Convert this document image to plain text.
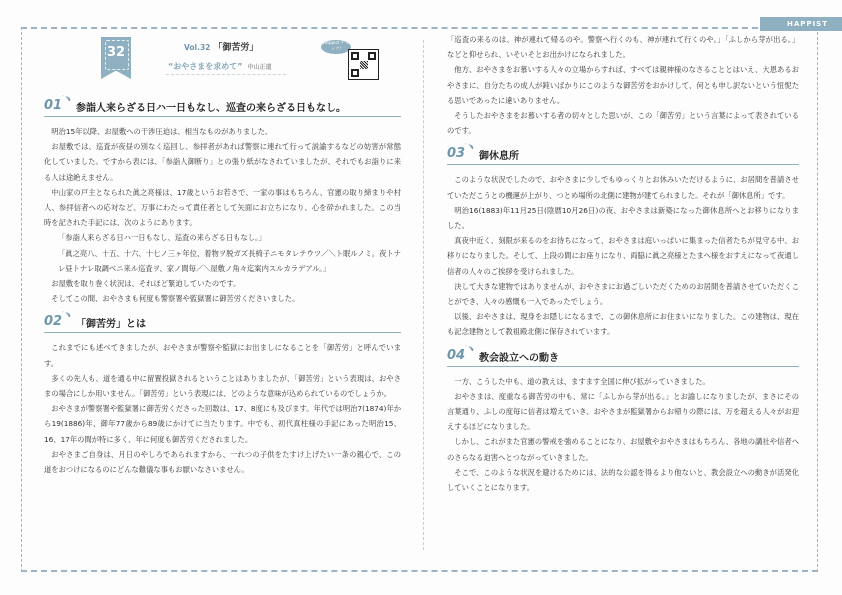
HAPPIST
32	Vol.32 「御苦労」
“おやさまを求めて” 中山正道
Happist チェック!
01
˙﹅
参詣人来らざる日ハ一日もなし、巡査の来らざる日もなし。

明治15年以降、お屋敷への干渉圧迫は、相当なものがありました。

お屋敷では、巡査が夜昼の別なく巡回し、参拝者があれば警察に連れて行って説諭するなどの妨害が常態化していました。ですから表には、「参詣人御断り」との張り紙がなされていましたが、それでもお詣りに来る人は途絶えません。

中山家の戸主となられた眞之亮様は、17歳というお若さで、一家の事はもちろん、官憲の取り締まりや村人、参拝信者への応対など、万事にわたって責任者として矢面にお立ちになり、心を砕かれました。この当時を記された手記には、次のようにあります。

「参詣人来らざる日ハ一日もなし、巡査の来らざる日もなし。」

「眞之亮八、十五、十六、十七ノ三ヶ年位、着物ヲ脱ガズ長椅子ニモタレテウツ／＼ト眠ルノミ。夜トナレ昼トナレ取調べニ来ル巡査ヲ、家ノ間毎／＼屋敷ノ角々迄案内スルカラデアル。」

お屋敷を取り巻く状況は、それほど緊迫していたのです。

そしてこの間、おやさまも何度も警察署や監獄署に御苦労くださいました。

02
˙﹅
「御苦労」とは

これまでにも述べてきましたが、おやさまが警察や監獄にお出ましになることを「御苦労」と呼んでいます。

多くの先人も、道を通る中に留置投獄されるということはありましたが、「御苦労」という表現は、おやさまの場合にしか用いません。「御苦労」という表現には、どのような意味が込められているのでしょうか。

おやさまが警察署や監獄署に御苦労くださった回数は、17、8度にも及びます。年代では明治7(1874)年から19(1886)年、御年77歳から89歳にかけてに当たります。中でも、初代真柱様の手記にあった明治15、16、17年の間が特に多く、年に何度も御苦労くだされました。

おやさまご自身は、月日のやしろであられますから、一れつの子供をたすけ上げたい一条の親心で、この道をおつけになるのにどんな難儀な事もお厭いなさいません。

「巡査の来るのは、神が連れて帰るのや。警察へ行くのも、神が連れて行くのや。」「ふしから芽が出る。」などと仰せられ、いそいそとお出かけになられました。

他方、おやさまをお慕いする人々の立場からすれば、すべては親神様のなさることとはいえ、大恩あるおやさまに、自分たちの成人が鈍いばかりにこのような御苦労をおかけして、何とも申し訳ないという忸怩たる思いであったに違いありません。

そうしたおやさまをお慕いする者の切々とした思いが、この「御苦労」という言葉によって表されているのです。

03
˙﹅
御休息所

このような状況でしたので、おやさまに少しでもゆっくりとお休みいただけるように、お居間を普請させていただこうとの機運が上がり、つとめ場所の北側に建物が建てられました。それが「御休息所」です。

明治16(1883)年11月25日(陰暦10月26日)の夜、おやさまは新築になった御休息所へとお移りになりました。

真夜中近く、刻限が来るのをお待ちになって、おやさまは庭いっぱいに集まった信者たちが見守る中、お移りになりました。そして、上段の間にお座りになり、両脇に眞之亮様とたまへ様をおすえになって夜通し信者の人々のご挨拶を受けられました。

決して大きな建物ではありませんが、おやさまにお過ごしいただくためのお居間を普請させていただくことができ、人々の感慨も一入であったでしょう。

以後、おやさまは、現身をお隠しになるまで、この御休息所にお住まいになりました。この建物は、現在も記念建物として教祖殿北側に保存されています。

04
˙﹅
教会設立への動き

一方、こうした中も、道の教えは、ますます全国に伸び拡がっていきました。

おやさまは、度重なる御苦労の中も、常に「ふしから芽が出る。」とお諭しになりましたが、まさにその言葉通り、ふしの度毎に信者は増えていき、おやさまが監獄署からお帰りの際には、万を超える人々がお迎えするほどになりました。

しかし、これがまた官憲の警戒を強めることになり、お屋敷やおやさまはもちろん、各地の講社や信者へのさらなる迫害へとつながっていきました。

そこで、このような状況を避けるためには、法的な公認を得るより他ないと、教会設立への動きが活発化していくことになります。
